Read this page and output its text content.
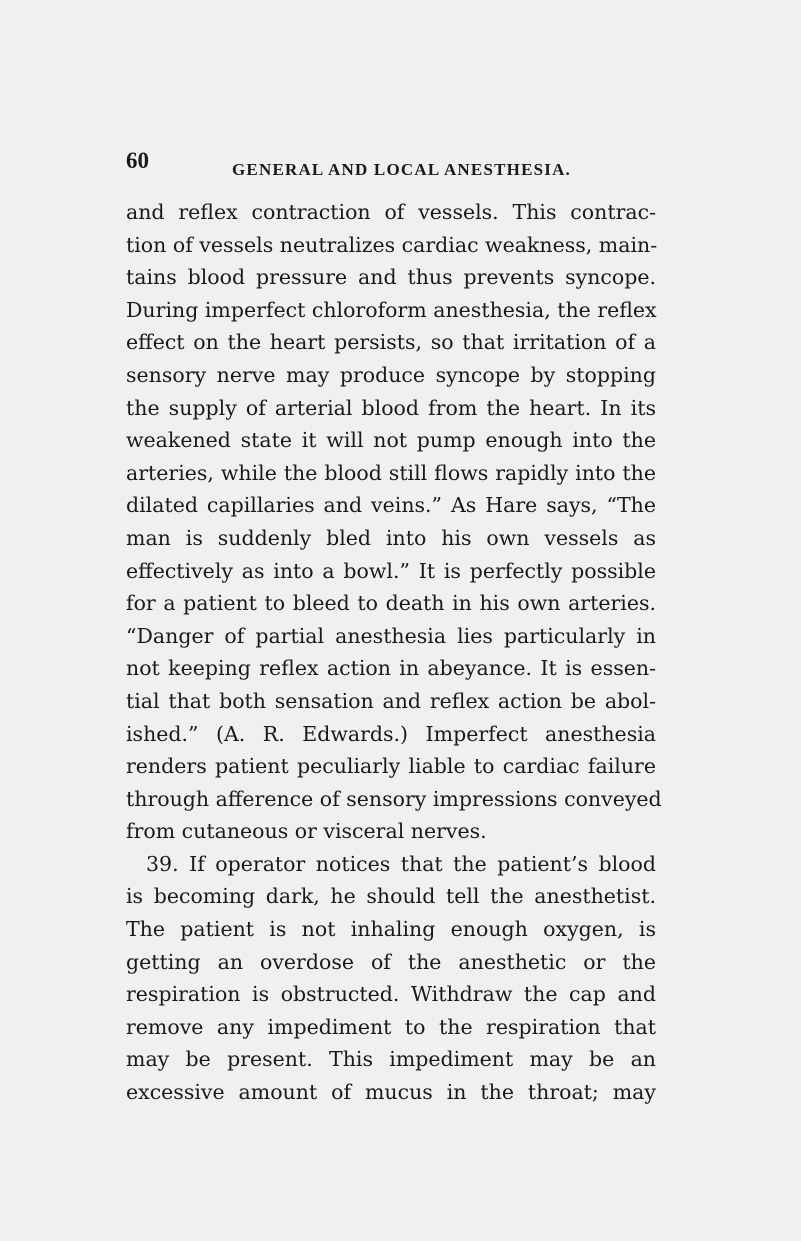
60	GENERAL AND LOCAL ANESTHESIA.
and reflex contraction of vessels. This contrac-
tion of vessels neutralizes cardiac weakness, main-
tains blood pressure and thus prevents syncope.
During imperfect chloroform anesthesia, the reflex
effect on the heart persists, so that irritation of a
sensory nerve may produce syncope by stopping
the supply of arterial blood from the heart. In its
weakened state it will not pump enough into the
arteries, while the blood still flows rapidly into the
dilated capillaries and veins.” As Hare says, “The
man is suddenly bled into his own vessels as
effectively as into a bowl.” It is perfectly possible
for a patient to bleed to death in his own arteries.
“Danger of partial anesthesia lies particularly in
not keeping reflex action in abeyance. It is essen-
tial that both sensation and reflex action be abol-
ished.” (A. R. Edwards.) Imperfect anesthesia
renders patient peculiarly liable to cardiac failure
through afference of sensory impressions conveyed
from cutaneous or visceral nerves.
39. If operator notices that the patient’s blood
is becoming dark, he should tell the anesthetist.
The patient is not inhaling enough oxygen, is
getting an overdose of the anesthetic or the
respiration is obstructed. Withdraw the cap and
remove any impediment to the respiration that
may be present. This impediment may be an
excessive amount of mucus in the throat; may
